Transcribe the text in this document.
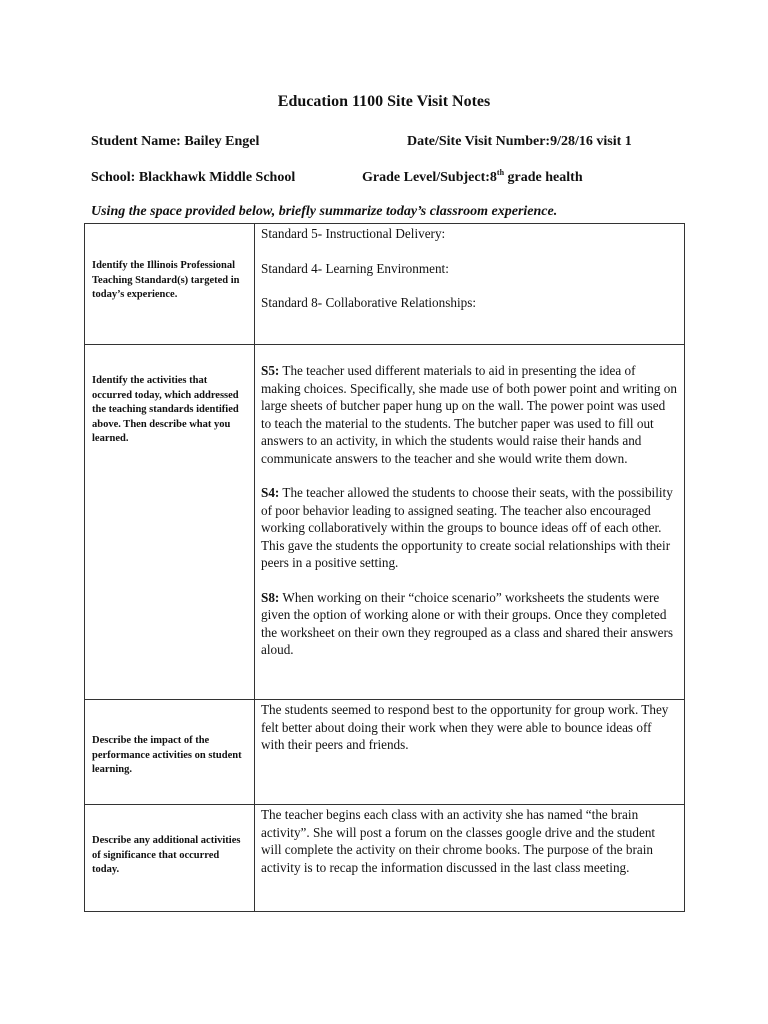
Education 1100 Site Visit Notes
Student Name: Bailey Engel	Date/Site Visit Number:9/28/16 visit 1
School: Blackhawk Middle School	Grade Level/Subject:8th grade health
Using the space provided below, briefly summarize today’s classroom experience.
Identify the Illinois Professional Teaching Standard(s) targeted in today’s experience.	Standard 5- Instructional Delivery:

Standard 4- Learning Environment:

Standard 8- Collaborative Relationships:

Identify the activities that occurred today, which addressed the teaching standards identified above. Then describe what you learned.	S5: The teacher used different materials to aid in presenting the idea of making choices. Specifically, she made use of both power point and writing on large sheets of butcher paper hung up on the wall. The power point was used to teach the material to the students. The butcher paper was used to fill out answers to an activity, in which the students would raise their hands and communicate answers to the teacher and she would write them down.

S4: The teacher allowed the students to choose their seats, with the possibility of poor behavior leading to assigned seating. The teacher also encouraged working collaboratively within the groups to bounce ideas off of each other. This gave the students the opportunity to create social relationships with their peers in a positive setting.

S8: When working on their “choice scenario” worksheets the students were given the option of working alone or with their groups. Once they completed the worksheet on their own they regrouped as a class and shared their answers aloud.

Describe the impact of the performance activities on student learning.	The students seemed to respond best to the opportunity for group work. They felt better about doing their work when they were able to bounce ideas off with their peers and friends.

Describe any additional activities of significance that occurred today.	The teacher begins each class with an activity she has named “the brain activity”. She will post a forum on the classes google drive and the student will complete the activity on their chrome books. The purpose of the brain activity is to recap the information discussed in the last class meeting.
